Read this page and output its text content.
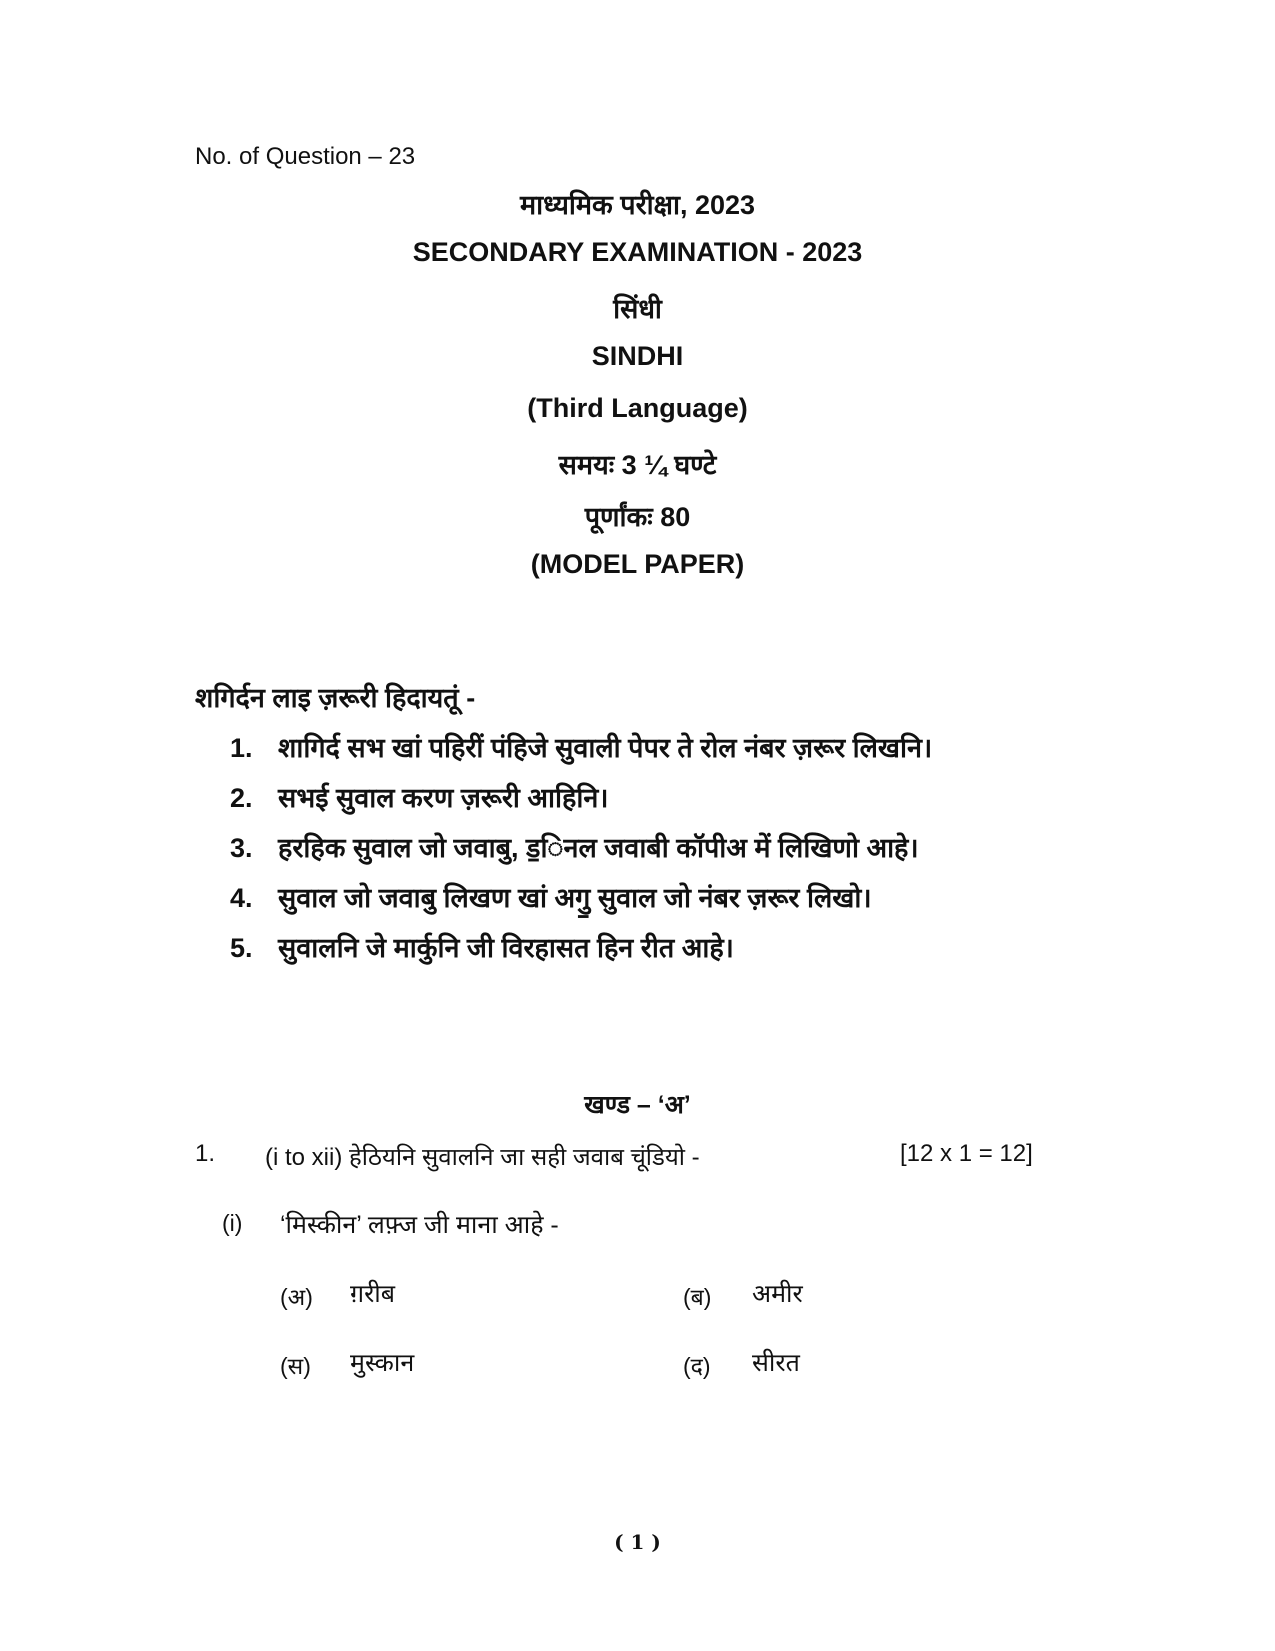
No. of Question – 23
माध्यमिक परीक्षा, 2023
SECONDARY EXAMINATION - 2023
सिंधी
SINDHI
(Third Language)
समयः 3 ¼ घण्टे
पूर्णांकः 80
(MODEL PAPER)
शगिर्दन लाइ ज़रूरी हिदायतूं -
1. शागिर्द सभ खां पहिरीं पंहिजे सुवाली पेपर ते रोल नंबर ज़रूर लिखनि।
2. सभई सुवाल करण ज़रूरी आहिनि।
3. हरहिक सुवाल जो जवाबु, ड॒िनल जवाबी कॉपीअ में लिखिणो आहे।
4. सुवाल जो जवाबु लिखण खां अगु॒ सुवाल जो नंबर ज़रूर लिखो।
5. सुवालनि जे मार्कुनि जी विरहासत हिन रीत आहे।
खण्ड – ‘अ’
1. (i to xii) हेठियनि सुवालनि जा सही जवाब चूंडियो -	[12 x 1 = 12]
(i) ‘मिस्कीन’ लफ़्ज जी माना आहे -
(अ) ग़रीब	(ब) अमीर
(स) मुस्कान	(द) सीरत
( 1 )
